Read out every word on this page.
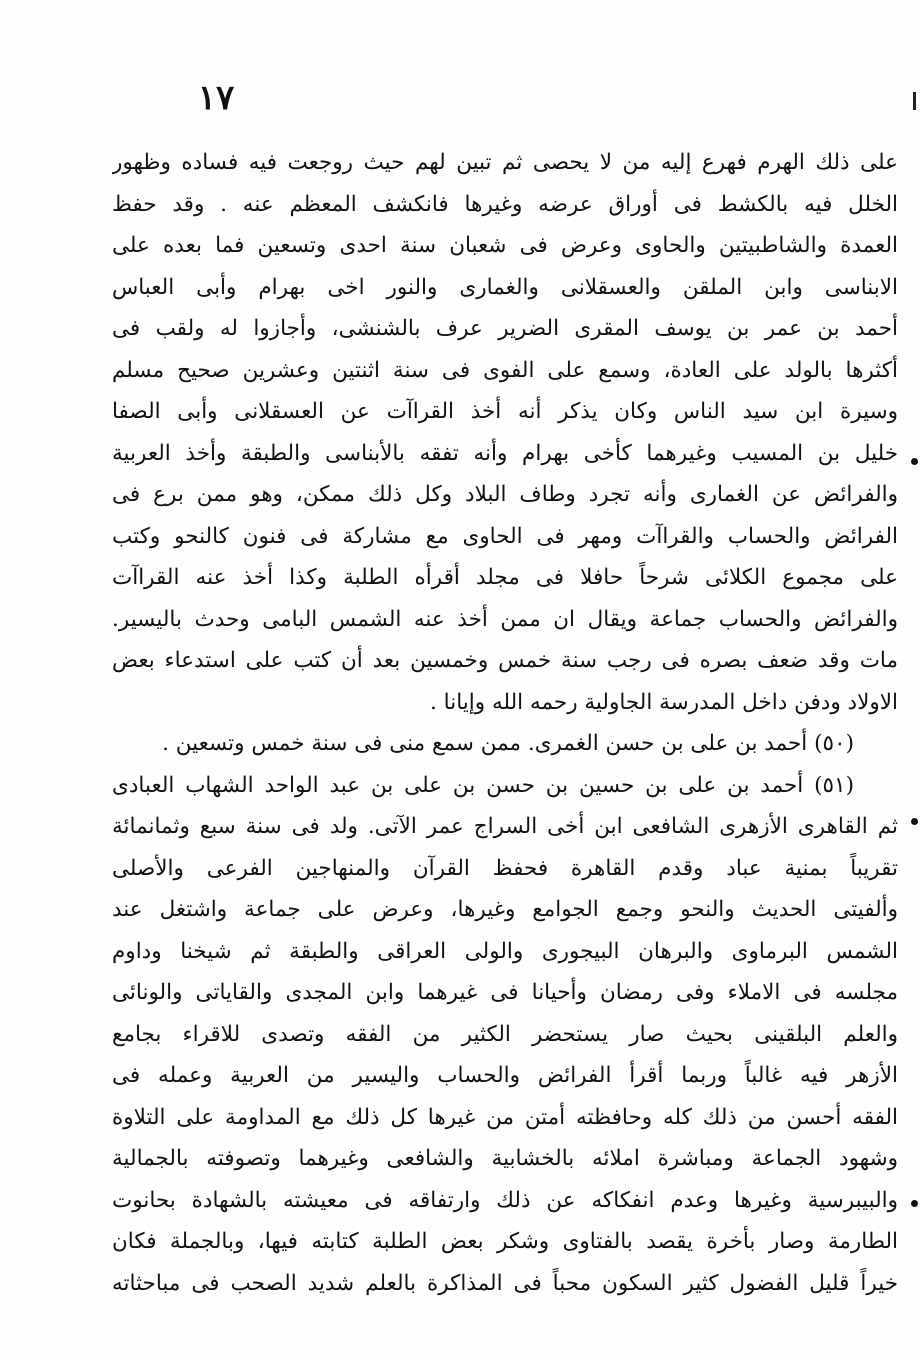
١٧
على ذلك الهرم فهرع إليه من لا يحصى ثم تبين لهم حيث روجعت فيه فساده وظهور
الخلل فيه بالكشط فى أوراق عرضه وغيرها فانكشف المعظم عنه . وقد حفظ
العمدة والشاطبيتين والحاوى وعرض فى شعبان سنة احدى وتسعين فما بعده على
الابناسى وابن الملقن والعسقلانى والغمارى والنور اخى بهرام وأبى العباس
أحمد بن عمر بن يوسف المقرى الضرير عرف بالشنشى، وأجازوا له ولقب فى
أكثرها بالولد على العادة، وسمع على الفوى فى سنة اثنتين وعشرين صحيح مسلم
وسيرة ابن سيد الناس وكان يذكر أنه أخذ القراآت عن العسقلانى وأبى الصفا
خليل بن المسيب وغيرهما كأخى بهرام وأنه تفقه بالأبناسى والطبقة وأخذ العربية
والفرائض عن الغمارى وأنه تجرد وطاف البلاد وكل ذلك ممكن، وهو ممن برع فى
الفرائض والحساب والقراآت ومهر فى الحاوى مع مشاركة فى فنون كالنحو وكتب
على مجموع الكلائى شرحاً حافلا فى مجلد أقرأه الطلبة وكذا أخذ عنه القراآت
والفرائض والحساب جماعة ويقال ان ممن أخذ عنه الشمس البامى وحدث باليسير.
مات وقد ضعف بصره فى رجب سنة خمس وخمسين بعد أن كتب على استدعاء بعض
الاولاد ودفن داخل المدرسة الجاولية رحمه الله وإيانا .
(٥٠) أحمد بن على بن حسن الغمرى. ممن سمع منى فى سنة خمس وتسعين .
(٥١) أحمد بن على بن حسين بن حسن بن على بن عبد الواحد الشهاب العبادى
ثم القاهرى الأزهرى الشافعى ابن أخى السراج عمر الآتى. ولد فى سنة سبع وثمانمائة
تقريباً بمنية عباد وقدم القاهرة فحفظ القرآن والمنهاجين الفرعى والأصلى
وألفيتى الحديث والنحو وجمع الجوامع وغيرها، وعرض على جماعة واشتغل عند
الشمس البرماوى والبرهان البيجورى والولى العراقى والطبقة ثم شيخنا وداوم
مجلسه فى الاملاء وفى رمضان وأحيانا فى غيرهما وابن المجدى والقاياتى والونائى
والعلم البلقينى بحيث صار يستحضر الكثير من الفقه وتصدى للاقراء بجامع
الأزهر فيه غالباً وربما أقرأ الفرائض والحساب واليسير من العربية وعمله فى
الفقه أحسن من ذلك كله وحافظته أمتن من غيرها كل ذلك مع المداومة على التلاوة
وشهود الجماعة ومباشرة املائه بالخشابية والشافعى وغيرهما وتصوفته بالجمالية
والبيبرسية وغيرها وعدم انفكاكه عن ذلك وارتفاقه فى معيشته بالشهادة بحانوت
الطارمة وصار بأخرة يقصد بالفتاوى وشكر بعض الطلبة كتابته فيها، وبالجملة فكان
خيراً قليل الفضول كثير السكون محباً فى المذاكرة بالعلم شديد الصحب فى مباحثاته
